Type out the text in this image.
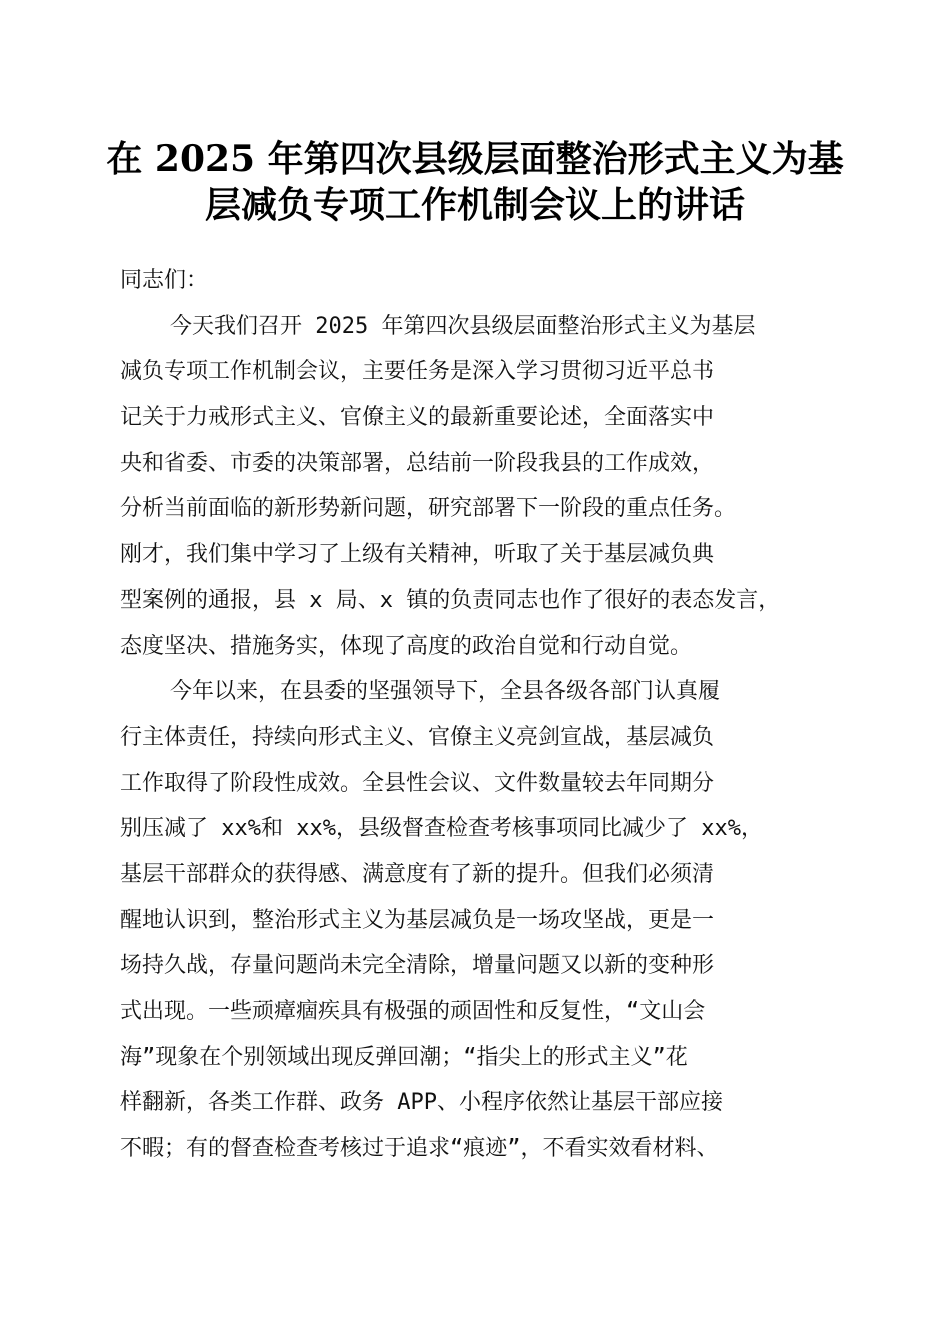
在 2025 年第四次县级层面整治形式主义为基
层减负专项工作机制会议上的讲话
同志们：
今天我们召开 2025 年第四次县级层面整治形式主义为基层
减负专项工作机制会议，主要任务是深入学习贯彻习近平总书
记关于力戒形式主义、官僚主义的最新重要论述，全面落实中
央和省委、市委的决策部署，总结前一阶段我县的工作成效，
分析当前面临的新形势新问题，研究部署下一阶段的重点任务。
刚才，我们集中学习了上级有关精神，听取了关于基层减负典
型案例的通报，县 x 局、x 镇的负责同志也作了很好的表态发言，
态度坚决、措施务实，体现了高度的政治自觉和行动自觉。
今年以来，在县委的坚强领导下，全县各级各部门认真履
行主体责任，持续向形式主义、官僚主义亮剑宣战，基层减负
工作取得了阶段性成效。全县性会议、文件数量较去年同期分
别压减了 xx%和 xx%，县级督查检查考核事项同比减少了 xx%，
基层干部群众的获得感、满意度有了新的提升。但我们必须清
醒地认识到，整治形式主义为基层减负是一场攻坚战，更是一
场持久战，存量问题尚未完全清除，增量问题又以新的变种形
式出现。一些顽瘴痼疾具有极强的顽固性和反复性，“文山会
海”现象在个别领域出现反弹回潮；“指尖上的形式主义”花
样翻新，各类工作群、政务 APP、小程序依然让基层干部应接
不暇；有的督查检查考核过于追求“痕迹”，不看实效看材料、
